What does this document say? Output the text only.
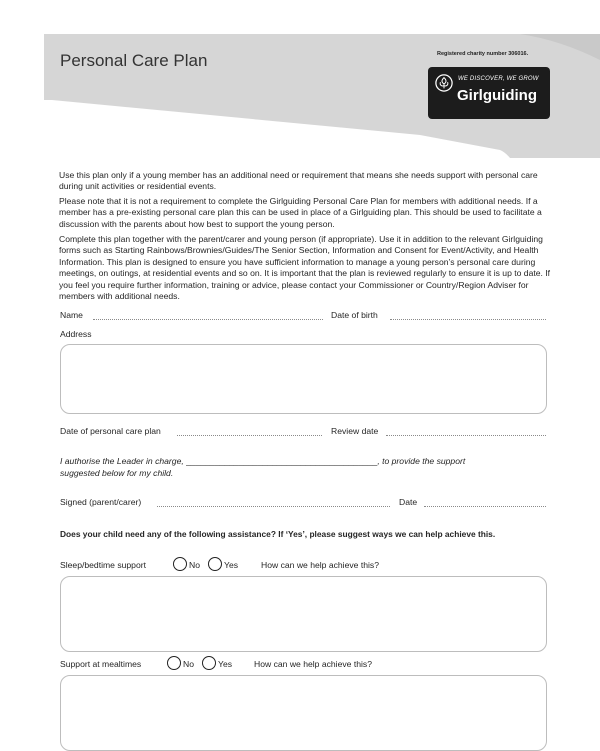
Personal Care Plan	Registered charity number 306016.
WE DISCOVER, WE GROW
Girlguiding
Use this plan only if a young member has an additional need or requirement that means she needs support with personal care during unit activities or residential events.
Please note that it is not a requirement to complete the Girlguiding Personal Care Plan for members with additional needs. If a member has a pre-existing personal care plan this can be used in place of a Girlguiding plan. This should be used to facilitate a discussion with the parents about how best to support the young person.
Complete this plan together with the parent/carer and young person (if appropriate). Use it in addition to the relevant Girlguiding forms such as Starting Rainbows/Brownies/Guides/The Senior Section, Information and Consent for Event/Activity, and Health Information. This plan is designed to ensure you have sufficient information to manage a young person’s personal care during meetings, on outings, at residential events and so on. It is important that the plan is reviewed regularly to ensure it is up to date. If you feel you require further information, training or advice, please contact your Commissioner or Country/Region Adviser for members with additional needs.
Name	Date of birth
Address
Date of personal care plan	Review date
I authorise the Leader in charge, ________________________________________, to provide the support
suggested below for my child.
Signed (parent/carer)	Date
Does your child need any of the following assistance? If ‘Yes’, please suggest ways we can help achieve this.
Sleep/bedtime support	No	Yes	How can we help achieve this?
Support at mealtimes	No	Yes	How can we help achieve this?
